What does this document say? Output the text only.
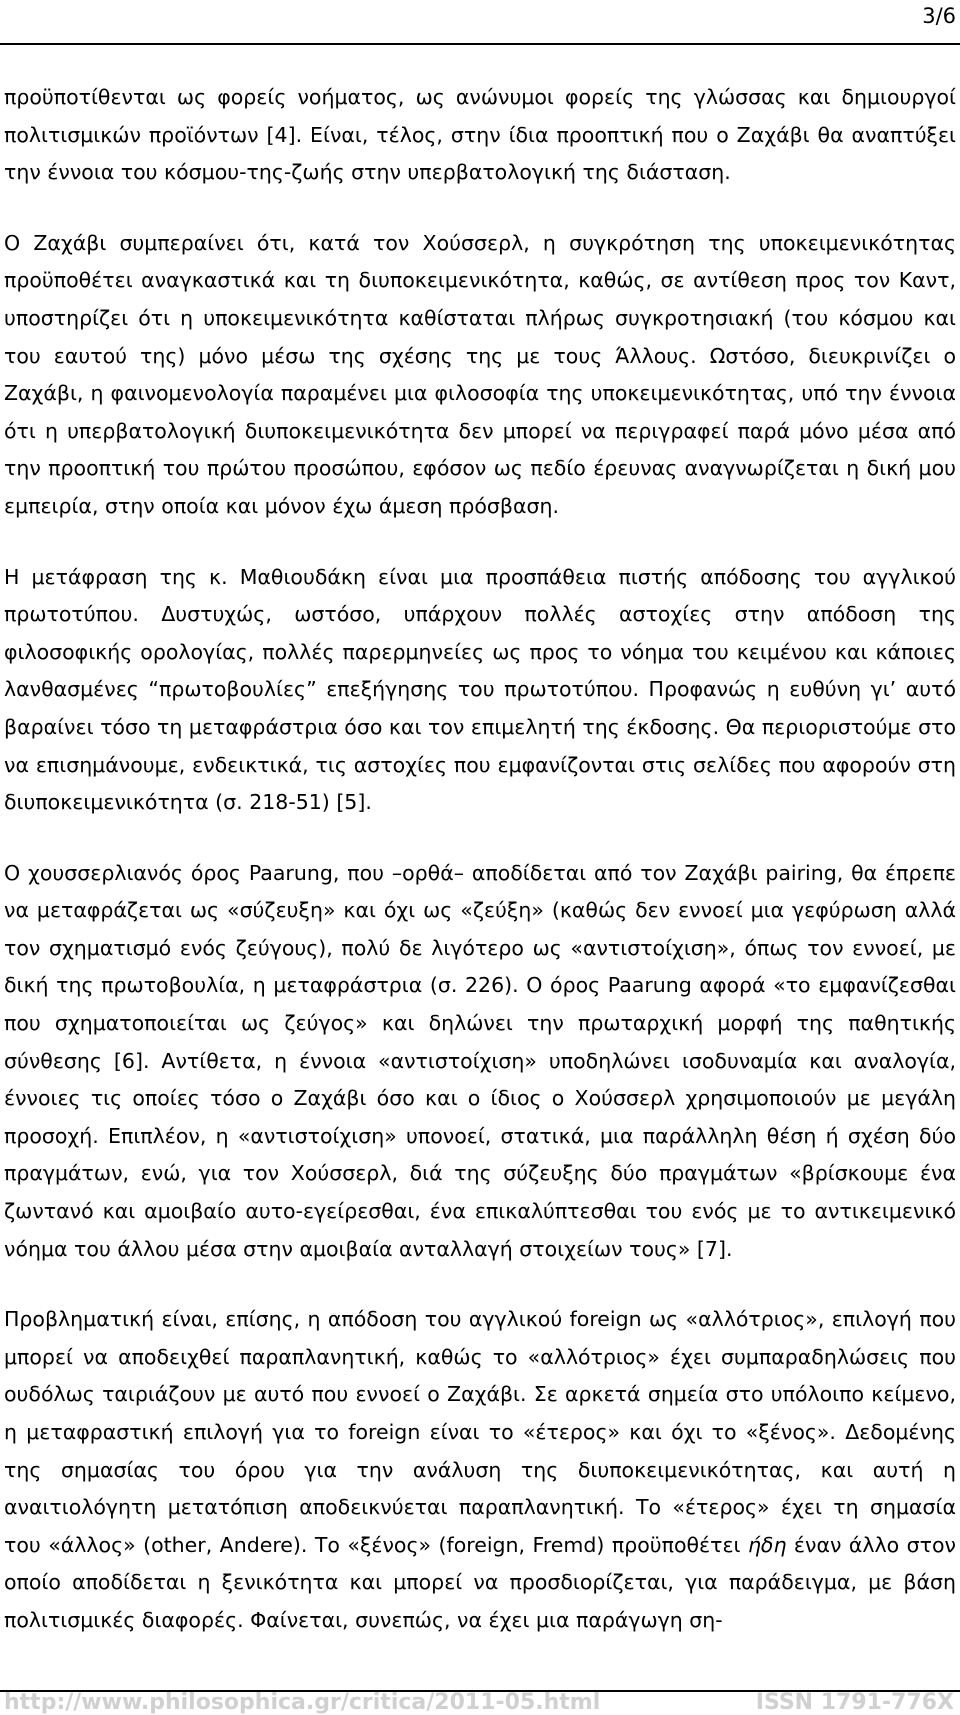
3/6

προϋποτίθενται ως φορείς νοήματος, ως ανώνυμοι φορείς της γλώσσας και δημιουργοί πολιτισμικών προϊόντων [4]. Είναι, τέλος, στην ίδια προοπτική που ο Ζαχάβι θα αναπτύξει την έννοια του κόσμου-της-ζωής στην υπερβατολογική της διάσταση.

Ο Ζαχάβι συμπεραίνει ότι, κατά τον Χούσσερλ, η συγκρότηση της υποκειμενικότητας προϋποθέτει αναγκαστικά και τη διυποκειμενικότητα, καθώς, σε αντίθεση προς τον Καντ, υποστηρίζει ότι η υποκειμενικότητα καθίσταται πλήρως συγκροτησιακή (του κόσμου και του εαυτού της) μόνο μέσω της σχέσης της με τους Άλλους. Ωστόσο, διευκρινίζει ο Ζαχάβι, η φαινομενολογία παραμένει μια φιλοσοφία της υποκειμενικότητας, υπό την έννοια ότι η υπερβατολογική διυποκειμενικότητα δεν μπορεί να περιγραφεί παρά μόνο μέσα από την προοπτική του πρώτου προσώπου, εφόσον ως πεδίο έρευνας αναγνωρίζεται η δική μου εμπειρία, στην οποία και μόνον έχω άμεση πρόσβαση.

Η μετάφραση της κ. Μαθιουδάκη είναι μια προσπάθεια πιστής απόδοσης του αγγλικού πρωτοτύπου. Δυστυχώς, ωστόσο, υπάρχουν πολλές αστοχίες στην απόδοση της φιλοσοφικής ορολογίας, πολλές παρερμηνείες ως προς το νόημα του κειμένου και κάποιες λανθασμένες “πρωτοβουλίες” επεξήγησης του πρωτοτύπου. Προφανώς η ευθύνη γι’ αυτό βαραίνει τόσο τη μεταφράστρια όσο και τον επιμελητή της έκδοσης. Θα περιοριστούμε στο να επισημάνουμε, ενδεικτικά, τις αστοχίες που εμφανίζονται στις σελίδες που αφορούν στη διυποκειμενικότητα (σ. 218-51) [5].

Ο χουσσερλιανός όρος Paarung, που –ορθά– αποδίδεται από τον Ζαχάβι pairing, θα έπρεπε να μεταφράζεται ως «σύζευξη» και όχι ως «ζεύξη» (καθώς δεν εννοεί μια γεφύρωση αλλά τον σχηματισμό ενός ζεύγους), πολύ δε λιγότερο ως «αντιστοίχιση», όπως τον εννοεί, με δική της πρωτοβουλία, η μεταφράστρια (σ. 226). Ο όρος Paarung αφορά «το εμφανίζεσθαι που σχηματοποιείται ως ζεύγος» και δηλώνει την πρωταρχική μορφή της παθητικής σύνθεσης [6]. Αντίθετα, η έννοια «αντιστοίχιση» υποδηλώνει ισοδυναμία και αναλογία, έννοιες τις οποίες τόσο ο Ζαχάβι όσο και ο ίδιος ο Χούσσερλ χρησιμοποιούν με μεγάλη προσοχή. Επιπλέον, η «αντιστοίχιση» υπονοεί, στατικά, μια παράλληλη θέση ή σχέση δύο πραγμάτων, ενώ, για τον Χούσσερλ, διά της σύζευξης δύο πραγμάτων «βρίσκουμε ένα ζωντανό και αμοιβαίο αυτο-εγείρεσθαι, ένα επικαλύπτεσθαι του ενός με το αντικειμενικό νόημα του άλλου μέσα στην αμοιβαία ανταλλαγή στοιχείων τους» [7].

Προβληματική είναι, επίσης, η απόδοση του αγγλικού foreign ως «αλλότριος», επιλογή που μπορεί να αποδειχθεί παραπλανητική, καθώς το «αλλότριος» έχει συμπαραδηλώσεις που ουδόλως ταιριάζουν με αυτό που εννοεί ο Ζαχάβι. Σε αρκετά σημεία στο υπόλοιπο κείμενο, η μεταφραστική επιλογή για το foreign είναι το «έτερος» και όχι το «ξένος». Δεδομένης της σημασίας του όρου για την ανάλυση της διυποκειμενικότητας, και αυτή η αναιτιολόγητη μετατόπιση αποδεικνύεται παραπλανητική. Το «έτερος» έχει τη σημασία του «άλλος» (other, Andere). Το «ξένος» (foreign, Fremd) προϋποθέτει ήδη έναν άλλο στον οποίο αποδίδεται η ξενικότητα και μπορεί να προσδιορίζεται, για παράδειγμα, με βάση πολιτισμικές διαφορές. Φαίνεται, συνεπώς, να έχει μια παράγωγη ση-

http://www.philosophica.gr/critica/2011-05.html	ISSN 1791-776X
